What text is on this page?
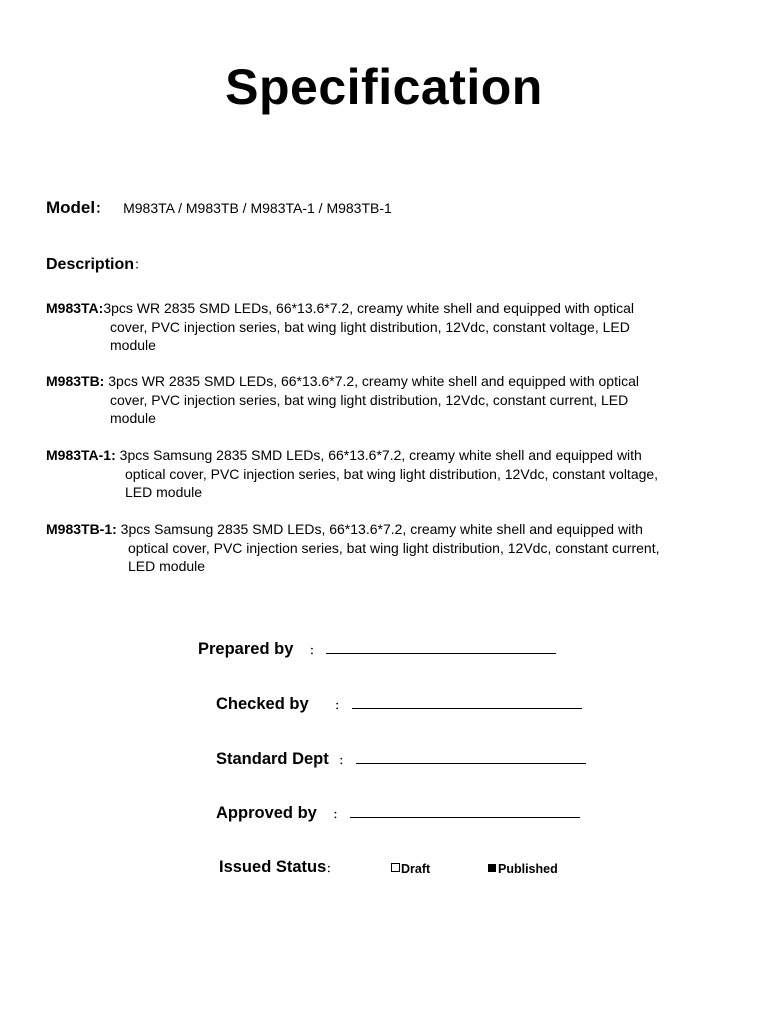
Specification
Model： M983TA / M983TB / M983TA-1 / M983TB-1
Description：
M983TA:3pcs WR 2835 SMD LEDs, 66*13.6*7.2, creamy white shell and equipped with optical
cover, PVC injection series, bat wing light distribution, 12Vdc, constant voltage, LED
module
M983TB: 3pcs WR 2835 SMD LEDs, 66*13.6*7.2, creamy white shell and equipped with optical
cover, PVC injection series, bat wing light distribution, 12Vdc, constant current, LED
module
M983TA-1: 3pcs Samsung 2835 SMD LEDs, 66*13.6*7.2, creamy white shell and equipped with
optical cover, PVC injection series, bat wing light distribution, 12Vdc, constant voltage,
LED module
M983TB-1: 3pcs Samsung 2835 SMD LEDs, 66*13.6*7.2, creamy white shell and equipped with
optical cover, PVC injection series, bat wing light distribution, 12Vdc, constant current,
LED module
Prepared by ：
Checked by ：
Standard Dept ：
Approved by ：
Issued Status：	Draft	Published
